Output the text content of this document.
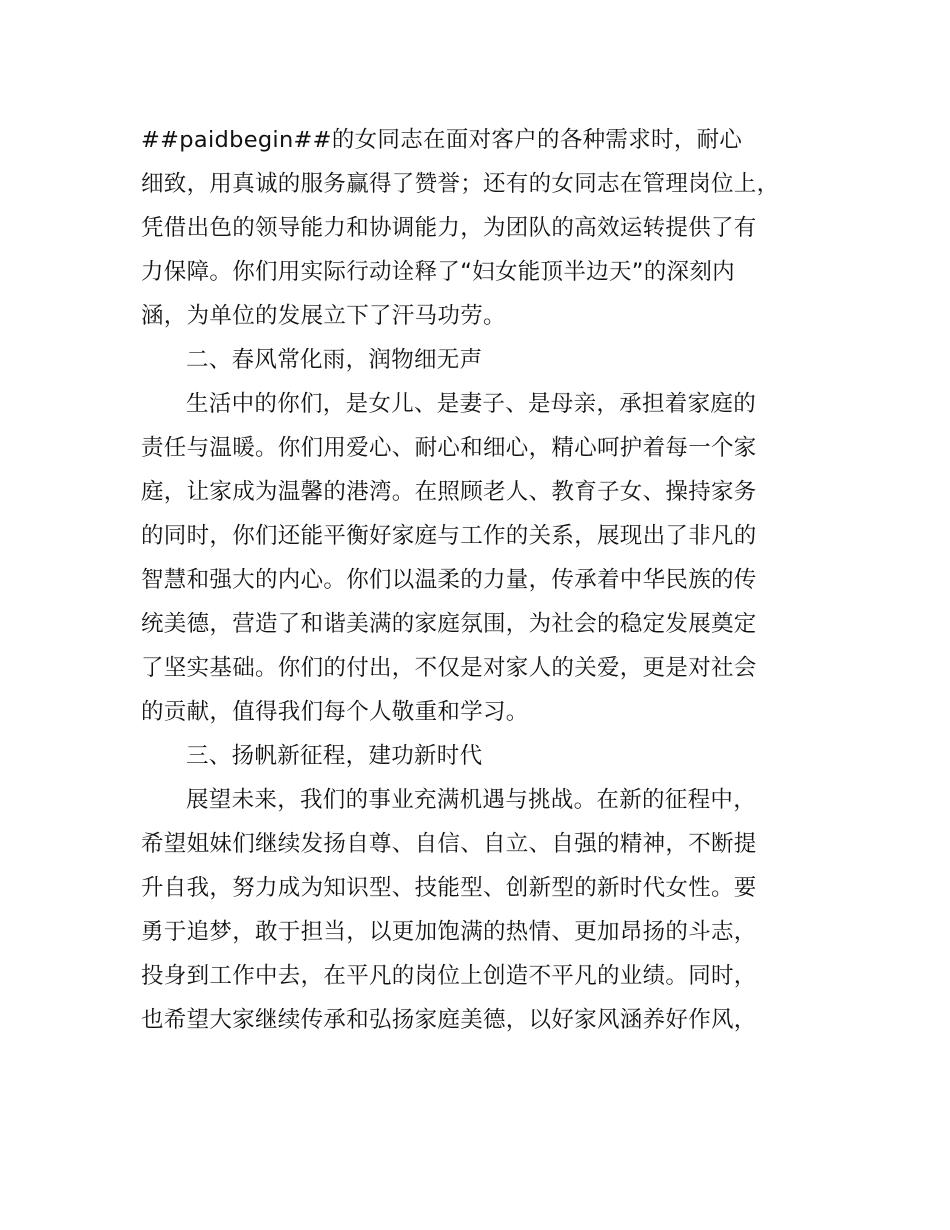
##paidbegin##的女同志在面对客户的各种需求时，耐心
细致，用真诚的服务赢得了赞誉；还有的女同志在管理岗位上，
凭借出色的领导能力和协调能力，为团队的高效运转提供了有
力保障。你们用实际行动诠释了“妇女能顶半边天”的深刻内
涵，为单位的发展立下了汗马功劳。

二、春风常化雨，润物细无声

生活中的你们，是女儿、是妻子、是母亲，承担着家庭的
责任与温暖。你们用爱心、耐心和细心，精心呵护着每一个家
庭，让家成为温馨的港湾。在照顾老人、教育子女、操持家务
的同时，你们还能平衡好家庭与工作的关系，展现出了非凡的
智慧和强大的内心。你们以温柔的力量，传承着中华民族的传
统美德，营造了和谐美满的家庭氛围，为社会的稳定发展奠定
了坚实基础。你们的付出，不仅是对家人的关爱，更是对社会
的贡献，值得我们每个人敬重和学习。

三、扬帆新征程，建功新时代

展望未来，我们的事业充满机遇与挑战。在新的征程中，
希望姐妹们继续发扬自尊、自信、自立、自强的精神，不断提
升自我，努力成为知识型、技能型、创新型的新时代女性。要
勇于追梦，敢于担当，以更加饱满的热情、更加昂扬的斗志，
投身到工作中去，在平凡的岗位上创造不平凡的业绩。同时，
也希望大家继续传承和弘扬家庭美德，以好家风涵养好作风，
